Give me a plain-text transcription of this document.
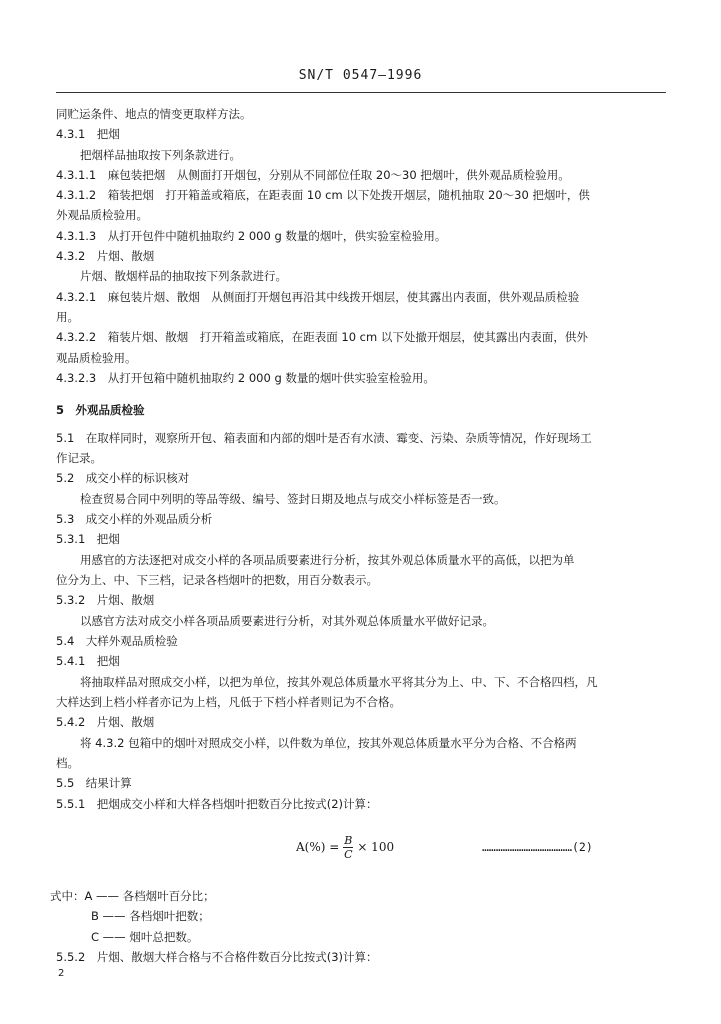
SN/T 0547—1996
同贮运条件、地点的情变更取样方法。
4.3.1　把烟
把烟样品抽取按下列条款进行。
4.3.1.1　麻包装把烟　从侧面打开烟包，分别从不同部位任取 20～30 把烟叶，供外观品质检验用。
4.3.1.2　箱装把烟　打开箱盖或箱底，在距表面 10 cm 以下处拨开烟层，随机抽取 20～30 把烟叶，供
外观品质检验用。
4.3.1.3　从打开包件中随机抽取约 2 000 g 数量的烟叶，供实验室检验用。
4.3.2　片烟、散烟
片烟、散烟样品的抽取按下列条款进行。
4.3.2.1　麻包装片烟、散烟　从侧面打开烟包再沿其中线拨开烟层，使其露出内表面，供外观品质检验
用。
4.3.2.2　箱装片烟、散烟　打开箱盖或箱底，在距表面 10 cm 以下处撤开烟层，使其露出内表面，供外
观品质检验用。
4.3.2.3　从打开包箱中随机抽取约 2 000 g 数量的烟叶供实验室检验用。
5　外观品质检验
5.1　在取样同时，观察所开包、箱表面和内部的烟叶是否有水渍、霉变、污染、杂质等情况，作好现场工
作记录。
5.2　成交小样的标识核对
检查贸易合同中列明的等品等级、编号、签封日期及地点与成交小样标签是否一致。
5.3　成交小样的外观品质分析
5.3.1　把烟
用感官的方法逐把对成交小样的各项品质要素进行分析，按其外观总体质量水平的高低，以把为单
位分为上、中、下三档，记录各档烟叶的把数，用百分数表示。
5.3.2　片烟、散烟
以感官方法对成交小样各项品质要素进行分析，对其外观总体质量水平做好记录。
5.4　大样外观品质检验
5.4.1　把烟
将抽取样品对照成交小样，以把为单位，按其外观总体质量水平将其分为上、中、下、不合格四档，凡
大样达到上档小样者亦记为上档，凡低于下档小样者则记为不合格。
5.4.2　片烟、散烟
将 4.3.2 包箱中的烟叶对照成交小样，以件数为单位，按其外观总体质量水平分为合格、不合格两
档。
5.5　结果计算
5.5.1　把烟成交小样和大样各档烟叶把数百分比按式(2)计算：
$A(\%) = \frac{B}{C} \times 100$	…………………………………(2)
式中：A —— 各档烟叶百分比；
B —— 各档烟叶把数；
C —— 烟叶总把数。
5.5.2　片烟、散烟大样合格与不合格件数百分比按式(3)计算：
2
